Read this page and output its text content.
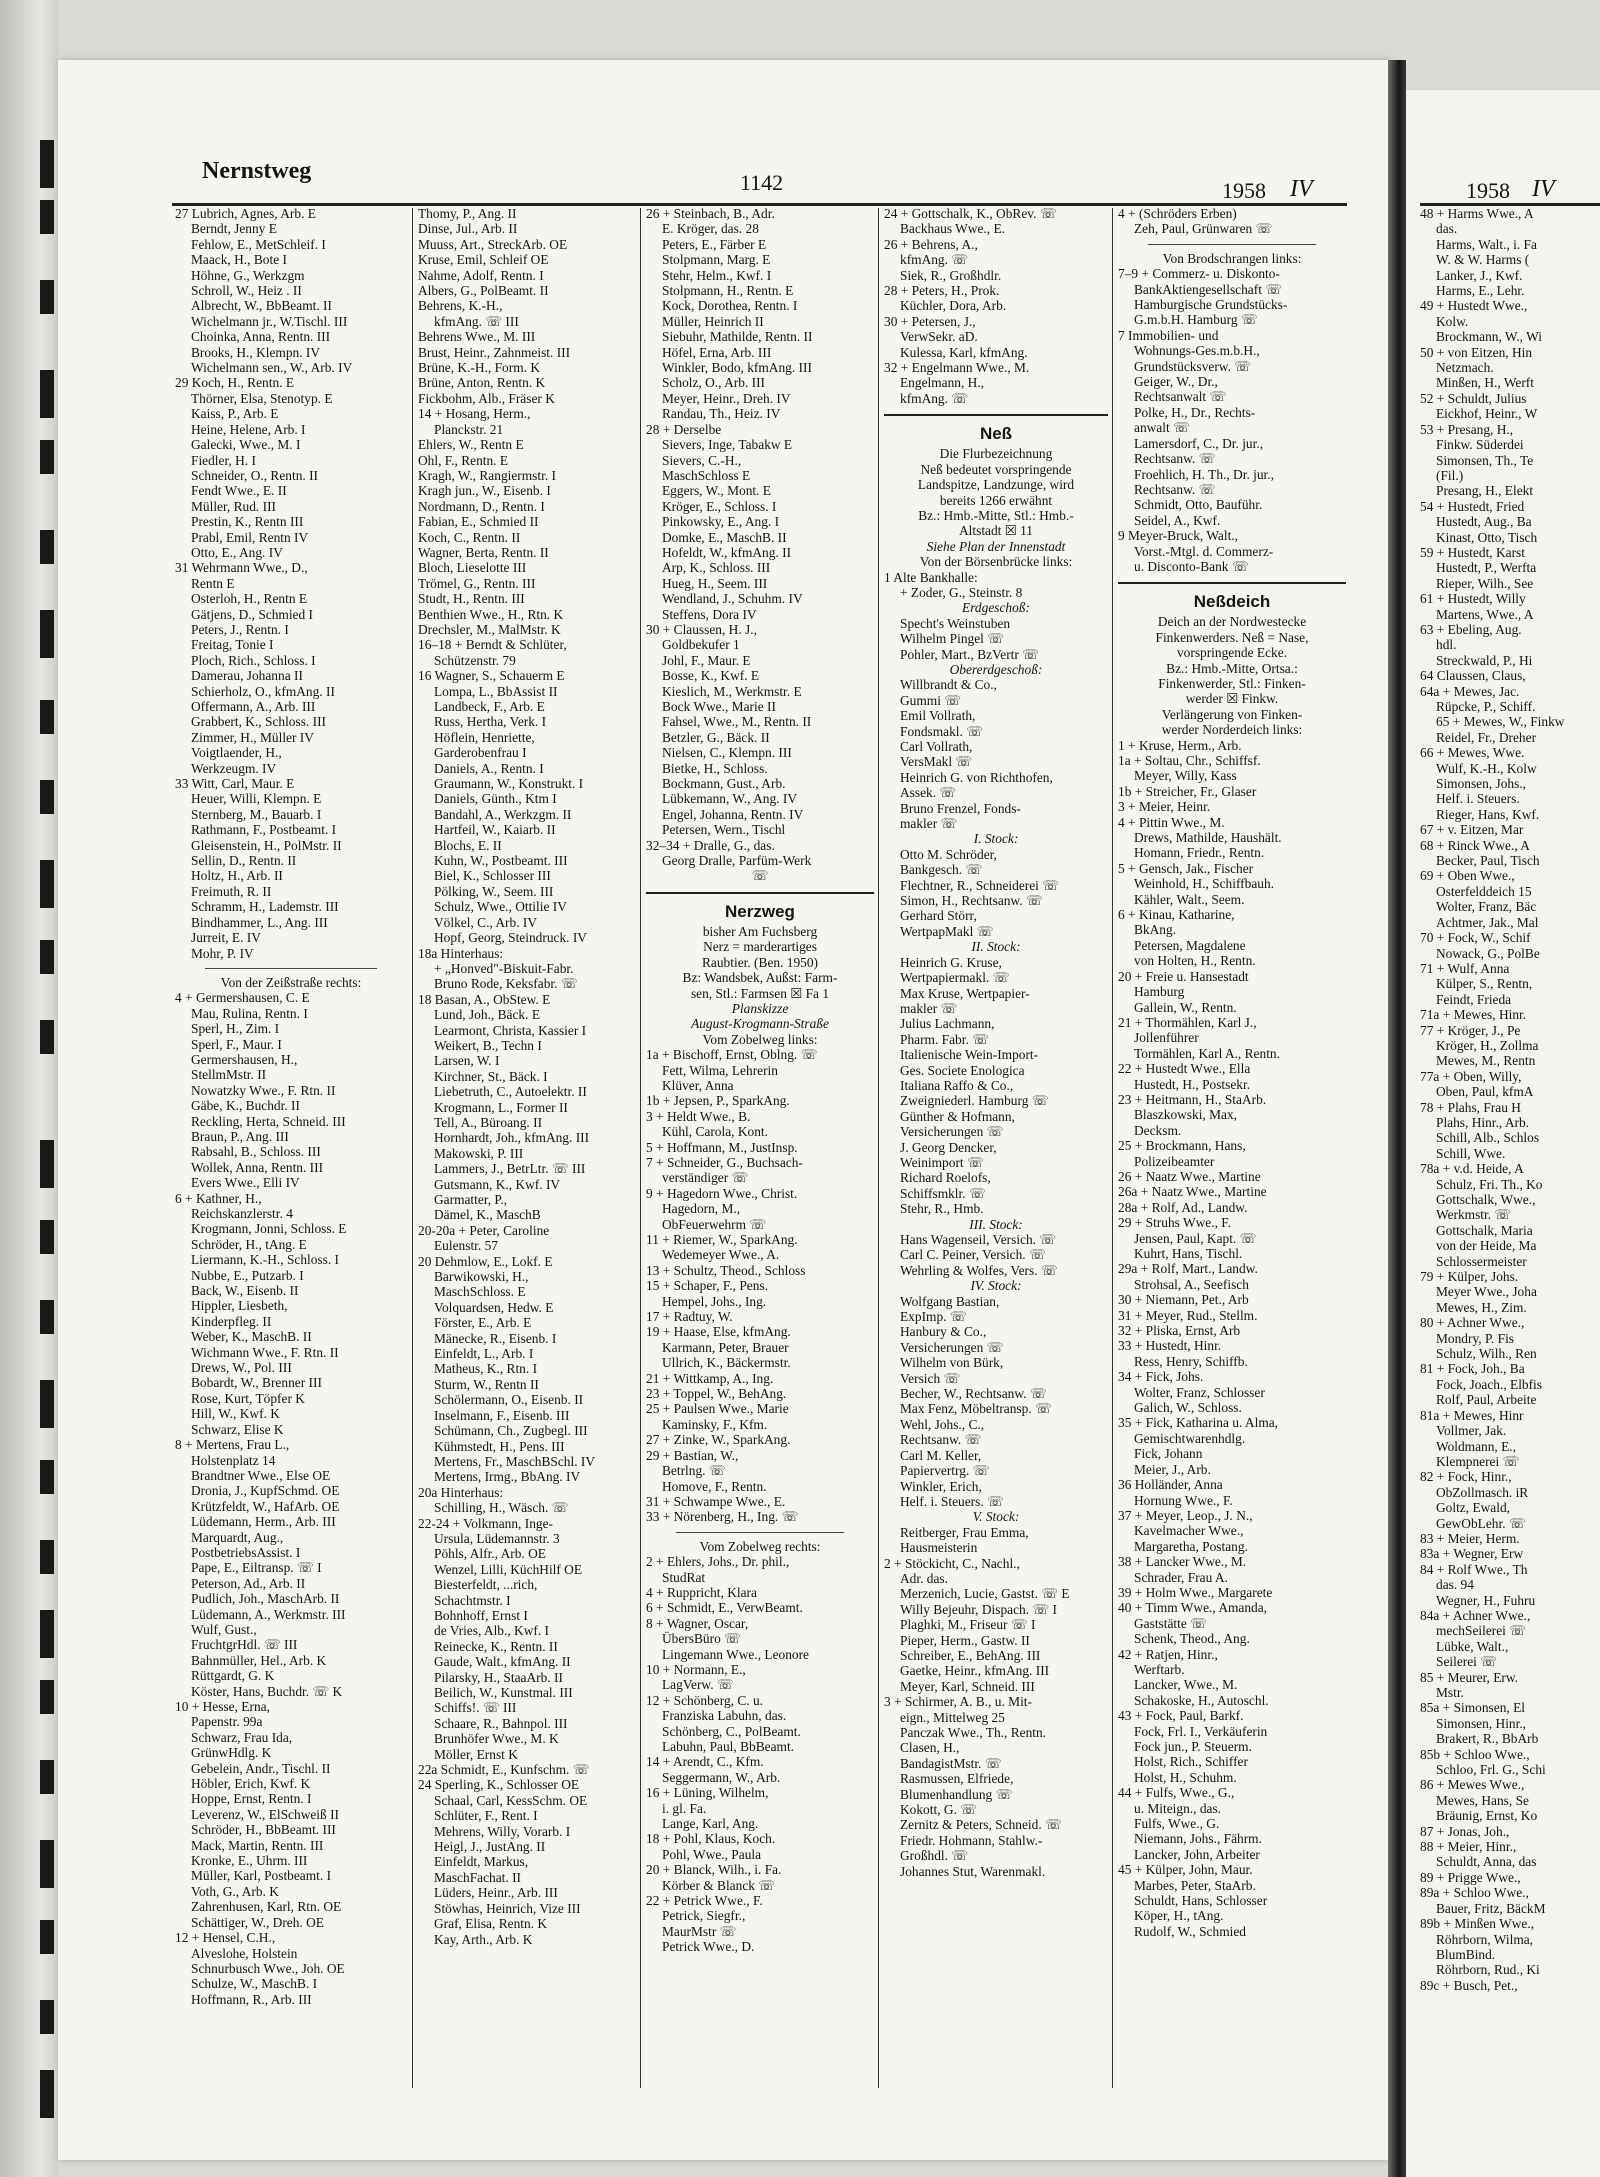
Nernstweg	1142	1958 IV	1958 IV
27 Lubrich, Agnes, Arb. E
Berndt, Jenny E
Fehlow, E., MetSchleif. I
Maack, H., Bote I
Höhne, G., Werkzgm
Schroll, W., Heiz . II
Albrecht, W., BbBeamt. II
Wichelmann jr., W.Tischl. III
Choinka, Anna, Rentn. III
Brooks, H., Klempn. IV
Wichelmann sen., W., Arb. IV
29 Koch, H., Rentn. E
Thörner, Elsa, Stenotyp. E
Kaiss, P., Arb. E
Heine, Helene, Arb. I
Galecki, Wwe., M. I
Fiedler, H. I
Schneider, O., Rentn. II
Fendt Wwe., E. II
Müller, Rud. III
Prestin, K., Rentn III
Prabl, Emil, Rentn IV
Otto, E., Ang. IV
31 Wehrmann Wwe., D.,
Rentn E
Osterloh, H., Rentn E
Gätjens, D., Schmied I
Peters, J., Rentn. I
Freitag, Tonie I
Ploch, Rich., Schloss. I
Damerau, Johanna II
Schierholz, O., kfmAng. II
Offermann, A., Arb. III
Grabbert, K., Schloss. III
Zimmer, H., Müller IV
Voigtlaender, H.,
Werkzeugm. IV
33 Witt, Carl, Maur. E
Heuer, Willi, Klempn. E
Sternberg, M., Bauarb. I
Rathmann, F., Postbeamt. I
Gleisenstein, H., PolMstr. II
Sellin, D., Rentn. II
Holtz, H., Arb. II
Freimuth, R. II
Schramm, H., Lademstr. III
Bindhammer, L., Ang. III
Jurreit, E. IV
Mohr, P. IV
Von der Zeißstraße rechts:
4 + Germershausen, C. E
Mau, Rulina, Rentn. I
Sperl, H., Zim. I
Sperl, F., Maur. I
Germershausen, H.,
StellmMstr. II
Nowatzky Wwe., F. Rtn. II
Gäbe, K., Buchdr. II
Reckling, Herta, Schneid. III
Braun, P., Ang. III
Rabsahl, B., Schloss. III
Wollek, Anna, Rentn. III
Evers Wwe., Elli IV
6 + Kathner, H.,
Reichskanzlerstr. 4
Krogmann, Jonni, Schloss. E
Schröder, H., tAng. E
Liermann, K.-H., Schloss. I
Nubbe, E., Putzarb. I
Back, W., Eisenb. II
Hippler, Liesbeth,
Kinderpfleg. II
Weber, K., MaschB. II
Wichmann Wwe., F. Rtn. II
Drews, W., Pol. III
Bobardt, W., Brenner III
Rose, Kurt, Töpfer K
Hill, W., Kwf. K
Schwarz, Elise K
8 + Mertens, Frau L.,
Holstenplatz 14
Brandtner Wwe., Else OE
Dronia, J., KupfSchmd. OE
Krützfeldt, W., HafArb. OE
Lüdemann, Herm., Arb. III
Marquardt, Aug.,
PostbetriebsAssist. I
Pape, E., Eiltransp. ☏ I
Peterson, Ad., Arb. II
Pudlich, Joh., MaschArb. II
Lüdemann, A., Werkmstr. III
Wulf, Gust.,
FruchtgrHdl. ☏ III
Bahnmüller, Hel., Arb. K
Rüttgardt, G. K
Köster, Hans, Buchdr. ☏ K
10 + Hesse, Erna,
Papenstr. 99a
Schwarz, Frau Ida,
GrünwHdlg. K
Gebelein, Andr., Tischl. II
Höbler, Erich, Kwf. K
Hoppe, Ernst, Rentn. I
Leverenz, W., ElSchweiß II
Schröder, H., BbBeamt. III
Mack, Martin, Rentn. III
Kronke, E., Uhrm. III
Müller, Karl, Postbeamt. I
Voth, G., Arb. K
Zahrenhusen, Karl, Rtn. OE
Schättiger, W., Dreh. OE
12 + Hensel, C.H.,
Alveslohe, Holstein
Schnurbusch Wwe., Joh. OE
Schulze, W., MaschB. I
Hoffmann, R., Arb. III
Thomy, P., Ang. II
Dinse, Jul., Arb. II
Muuss, Art., StreckArb. OE
Kruse, Emil, Schleif OE
Nahme, Adolf, Rentn. I
Albers, G., PolBeamt. II
Behrens, K.-H.,
kfmAng. ☏ III
Behrens Wwe., M. III
Brust, Heinr., Zahnmeist. III
Brüne, K.-H., Form. K
Brüne, Anton, Rentn. K
Fickbohm, Alb., Fräser K
14 + Hosang, Herm.,
Planckstr. 21
Ehlers, W., Rentn E
Ohl, F., Rentn. E
Kragh, W., Rangiermstr. I
Kragh jun., W., Eisenb. I
Nordmann, D., Rentn. I
Fabian, E., Schmied II
Koch, C., Rentn. II
Wagner, Berta, Rentn. II
Bloch, Lieselotte III
Trömel, G., Rentn. III
Studt, H., Rentn. III
Benthien Wwe., H., Rtn. K
Drechsler, M., MalMstr. K
16–18 + Berndt & Schlüter,
Schützenstr. 79
16 Wagner, S., Schauerm E
Lompa, L., BbAssist II
Landbeck, F., Arb. E
Russ, Hertha, Verk. I
Höflein, Henriette,
Garderobenfrau I
Daniels, A., Rentn. I
Graumann, W., Konstrukt. I
Daniels, Günth., Ktm I
Bandahl, A., Werkzgm. II
Hartfeil, W., Kaiarb. II
Blochs, E. II
Kuhn, W., Postbeamt. III
Biel, K., Schlosser III
Pölking, W., Seem. III
Schulz, Wwe., Ottilie IV
Völkel, C., Arb. IV
Hopf, Georg, Steindruck. IV
18a Hinterhaus:
+ „Honved"-Biskuit-Fabr.
Bruno Rode, Keksfabr. ☏
18 Basan, A., ObStew. E
Lund, Joh., Bäck. E
Learmont, Christa, Kassier I
Weikert, B., Techn I
Larsen, W. I
Kirchner, St., Bäck. I
Liebetruth, C., Autoelektr. II
Krogmann, L., Former II
Tell, A., Büroang. II
Hornhardt, Joh., kfmAng. III
Makowski, P. III
Lammers, J., BetrLtr. ☏ III
Gutsmann, K., Kwf. IV
Garmatter, P.,
Dämel, K., MaschB
20-20a + Peter, Caroline
Eulenstr. 57
20 Dehmlow, E., Lokf. E
Barwikowski, H.,
MaschSchloss. E
Volquardsen, Hedw. E
Förster, E., Arb. E
Mänecke, R., Eisenb. I
Einfeldt, L., Arb. I
Matheus, K., Rtn. I
Sturm, W., Rentn II
Schölermann, O., Eisenb. II
Inselmann, F., Eisenb. III
Schümann, Ch., Zugbegl. III
Kühmstedt, H., Pens. III
Mertens, Fr., MaschBSchl. IV
Mertens, Irmg., BbAng. IV
20a Hinterhaus:
Schilling, H., Wäsch. ☏
22-24 + Volkmann, Inge-
Ursula, Lüdemannstr. 3
Pöhls, Alfr., Arb. OE
Wenzel, Lilli, KüchHilf OE
Biesterfeldt, ...rich,
Schachtmstr. I
Bohnhoff, Ernst I
de Vries, Alb., Kwf. I
Reinecke, K., Rentn. II
Gaude, Walt., kfmAng. II
Pilarsky, H., StaaArb. II
Beilich, W., Kunstmal. III
Schiffs!. ☏ III
Schaare, R., Bahnpol. III
Brunhöfer Wwe., M. K
Möller, Ernst K
22a Schmidt, E., Kunfschm. ☏
24 Sperling, K., Schlosser OE
Schaal, Carl, KessSchm. OE
Schlüter, F., Rent. I
Mehrens, Willy, Vorarb. I
Heigl, J., JustAng. II
Einfeldt, Markus,
MaschFachat. II
Lüders, Heinr., Arb. III
Stöwhas, Heinrich, Vize III
Graf, Elisa, Rentn. K
Kay, Arth., Arb. K
26 + Steinbach, B., Adr.
E. Kröger, das. 28
Peters, E., Färber E
Stolpmann, Marg. E
Stehr, Helm., Kwf. I
Stolpmann, H., Rentn. E
Kock, Dorothea, Rentn. I
Müller, Heinrich II
Siebuhr, Mathilde, Rentn. II
Höfel, Erna, Arb. III
Winkler, Bodo, kfmAng. III
Scholz, O., Arb. III
Meyer, Heinr., Dreh. IV
Randau, Th., Heiz. IV
28 + Derselbe
Sievers, Inge, Tabakw E
Sievers, C.-H.,
MaschSchloss E
Eggers, W., Mont. E
Kröger, E., Schloss. I
Pinkowsky, E., Ang. I
Domke, E., MaschB. II
Hofeldt, W., kfmAng. II
Arp, K., Schloss. III
Hueg, H., Seem. III
Wendland, J., Schuhm. IV
Steffens, Dora IV
30 + Claussen, H. J.,
Goldbekufer 1
Johl, F., Maur. E
Bosse, K., Kwf. E
Kieslich, M., Werkmstr. E
Bock Wwe., Marie II
Fahsel, Wwe., M., Rentn. II
Betzler, G., Bäck. II
Nielsen, C., Klempn. III
Bietke, H., Schloss.
Bockmann, Gust., Arb.
Lübkemann, W., Ang. IV
Engel, Johanna, Rentn. IV
Petersen, Wern., Tischl
32–34 + Dralle, G., das.
Georg Dralle, Parfüm-Werk
☏
Nerzweg
bisher Am Fuchsberg
Nerz = marderartiges
Raubtier. (Ben. 1950)
Bz: Wandsbek, Außst: Farm-
sen, Stl.: Farmsen ☒ Fa 1
Planskizze
August-Krogmann-Straße
Vom Zobelweg links:
1a + Bischoff, Ernst, Oblng. ☏
Fett, Wilma, Lehrerin
Klüver, Anna
1b + Jepsen, P., SparkAng.
3 + Heldt Wwe., B.
Kühl, Carola, Kont.
5 + Hoffmann, M., JustInsp.
7 + Schneider, G., Buchsach-
verständiger ☏
9 + Hagedorn Wwe., Christ.
Hagedorn, M.,
ObFeuerwehrm ☏
11 + Riemer, W., SparkAng.
Wedemeyer Wwe., A.
13 + Schultz, Theod., Schloss
15 + Schaper, F., Pens.
Hempel, Johs., Ing.
17 + Radtuy, W.
19 + Haase, Else, kfmAng.
Karmann, Peter, Brauer
Ullrich, K., Bäckermstr.
21 + Wittkamp, A., Ing.
23 + Toppel, W., BehAng.
25 + Paulsen Wwe., Marie
Kaminsky, F., Kfm.
27 + Zinke, W., SparkAng.
29 + Bastian, W.,
Betrlng. ☏
Homove, F., Rentn.
31 + Schwampe Wwe., E.
33 + Nörenberg, H., Ing. ☏
Vom Zobelweg rechts:
2 + Ehlers, Johs., Dr. phil.,
StudRat
4 + Ruppricht, Klara
6 + Schmidt, E., VerwBeamt.
8 + Wagner, Oscar,
ÜbersBüro ☏
Lingemann Wwe., Leonore
10 + Normann, E.,
LagVerw. ☏
12 + Schönberg, C. u.
Franziska Labuhn, das.
Schönberg, C., PolBeamt.
Labuhn, Paul, BbBeamt.
14 + Arendt, C., Kfm.
Seggermann, W., Arb.
16 + Lüning, Wilhelm,
i. gl. Fa.
Lange, Karl, Ang.
18 + Pohl, Klaus, Koch.
Pohl, Wwe., Paula
20 + Blanck, Wilh., i. Fa.
Körber & Blanck ☏
22 + Petrick Wwe., F.
Petrick, Siegfr.,
MaurMstr ☏
Petrick Wwe., D.
24 + Gottschalk, K., ObRev. ☏
Backhaus Wwe., E.
26 + Behrens, A.,
kfmAng. ☏
Siek, R., Großhdlr.
28 + Peters, H., Prok.
Küchler, Dora, Arb.
30 + Petersen, J.,
VerwSekr. aD.
Kulessa, Karl, kfmAng.
32 + Engelmann Wwe., M.
Engelmann, H.,
kfmAng. ☏
Neß
Die Flurbezeichnung
Neß bedeutet vorspringende
Landspitze, Landzunge, wird
bereits 1266 erwähnt
Bz.: Hmb.-Mitte, Stl.: Hmb.-
Altstadt ☒ 11
Siehe Plan der Innenstadt
Von der Börsenbrücke links:
1 Alte Bankhalle:
+ Zoder, G., Steinstr. 8
Erdgeschoß:
Specht's Weinstuben
Wilhelm Pingel ☏
Pohler, Mart., BzVertr ☏
Obererdgeschoß:
Willbrandt & Co.,
Gummi ☏
Emil Vollrath,
Fondsmakl. ☏
Carl Vollrath,
VersMakl ☏
Heinrich G. von Richthofen,
Assek. ☏
Bruno Frenzel, Fonds-
makler ☏
I. Stock:
Otto M. Schröder,
Bankgesch. ☏
Flechtner, R., Schneiderei ☏
Simon, H., Rechtsanw. ☏
Gerhard Störr,
WertpapMakl ☏
II. Stock:
Heinrich G. Kruse,
Wertpapiermakl. ☏
Max Kruse, Wertpapier-
makler ☏
Julius Lachmann,
Pharm. Fabr. ☏
Italienische Wein-Import-
Ges. Societe Enologica
Italiana Raffo & Co.,
Zweigniederl. Hamburg ☏
Günther & Hofmann,
Versicherungen ☏
J. Georg Dencker,
Weinimport ☏
Richard Roelofs,
Schiffsmklr. ☏
Stehr, R., Hmb.
III. Stock:
Hans Wagenseil, Versich. ☏
Carl C. Peiner, Versich. ☏
Wehrling & Wolfes, Vers. ☏
IV. Stock:
Wolfgang Bastian,
ExpImp. ☏
Hanbury & Co.,
Versicherungen ☏
Wilhelm von Bürk,
Versich ☏
Becher, W., Rechtsanw. ☏
Max Fenz, Möbeltransp. ☏
Wehl, Johs., C.,
Rechtsanw. ☏
Carl M. Keller,
Papiervertrg. ☏
Winkler, Erich,
Helf. i. Steuers. ☏
V. Stock:
Reitberger, Frau Emma,
Hausmeisterin
2 + Stöckicht, C., Nachl.,
Adr. das.
Merzenich, Lucie, Gastst. ☏ E
Willy Bejeuhr, Dispach. ☏ I
Plaghki, M., Friseur ☏ I
Pieper, Herm., Gastw. II
Schreiber, E., BehAng. III
Gaetke, Heinr., kfmAng. III
Meyer, Karl, Schneid. III
3 + Schirmer, A. B., u. Mit-
eign., Mittelweg 25
Panczak Wwe., Th., Rentn.
Clasen, H.,
BandagistMstr. ☏
Rasmussen, Elfriede,
Blumenhandlung ☏
Kokott, G. ☏
Zernitz & Peters, Schneid. ☏
Friedr. Hohmann, Stahlw.-
Großhdl. ☏
Johannes Stut, Warenmakl.
4 + (Schröders Erben)
Zeh, Paul, Grünwaren ☏
Von Brodschrangen links:
7–9 + Commerz- u. Diskonto-
BankAktiengesellschaft ☏
Hamburgische Grundstücks-
G.m.b.H. Hamburg ☏
7 Immobilien- und
Wohnungs-Ges.m.b.H.,
Grundstücksverw. ☏
Geiger, W., Dr.,
Rechtsanwalt ☏
Polke, H., Dr., Rechts-
anwalt ☏
Lamersdorf, C., Dr. jur.,
Rechtsanw. ☏
Froehlich, H. Th., Dr. jur.,
Rechtsanw. ☏
Schmidt, Otto, Bauführ.
Seidel, A., Kwf.
9 Meyer-Bruck, Walt.,
Vorst.-Mtgl. d. Commerz-
u. Disconto-Bank ☏
Neßdeich
Deich an der Nordwestecke
Finkenwerders. Neß = Nase,
vorspringende Ecke.
Bz.: Hmb.-Mitte, Ortsa.:
Finkenwerder, Stl.: Finken-
werder ☒ Finkw.
Verlängerung von Finken-
werder Norderdeich links:
1 + Kruse, Herm., Arb.
1a + Soltau, Chr., Schiffsf.
Meyer, Willy, Kass
1b + Streicher, Fr., Glaser
3 + Meier, Heinr.
4 + Pittin Wwe., M.
Drews, Mathilde, Haushält.
Homann, Friedr., Rentn.
5 + Gensch, Jak., Fischer
Weinhold, H., Schiffbauh.
Kähler, Walt., Seem.
6 + Kinau, Katharine,
BkAng.
Petersen, Magdalene
von Holten, H., Rentn.
20 + Freie u. Hansestadt
Hamburg
Gallein, W., Rentn.
21 + Thormählen, Karl J.,
Jollenführer
Tormählen, Karl A., Rentn.
22 + Hustedt Wwe., Ella
Hustedt, H., Postsekr.
23 + Heitmann, H., StaArb.
Blaszkowski, Max,
Decksm.
25 + Brockmann, Hans,
Polizeibeamter
26 + Naatz Wwe., Martine
26a + Naatz Wwe., Martine
28a + Rolf, Ad., Landw.
29 + Struhs Wwe., F.
Jensen, Paul, Kapt. ☏
Kuhrt, Hans, Tischl.
29a + Rolf, Mart., Landw.
Strohsal, A., Seefisch
30 + Niemann, Pet., Arb
31 + Meyer, Rud., Stellm.
32 + Pliska, Ernst, Arb
33 + Hustedt, Hinr.
Ress, Henry, Schiffb.
34 + Fick, Johs.
Wolter, Franz, Schlosser
Galich, W., Schloss.
35 + Fick, Katharina u. Alma,
Gemischtwarenhdlg.
Fick, Johann
Meier, J., Arb.
36 Holländer, Anna
Hornung Wwe., F.
37 + Meyer, Leop., J. N.,
Kavelmacher Wwe.,
Margaretha, Postang.
38 + Lancker Wwe., M.
Schrader, Frau A.
39 + Holm Wwe., Margarete
40 + Timm Wwe., Amanda,
Gaststätte ☏
Schenk, Theod., Ang.
42 + Ratjen, Hinr.,
Werftarb.
Lancker, Wwe., M.
Schakoske, H., Autoschl.
43 + Fock, Paul, Barkf.
Fock, Frl. I., Verkäuferin
Fock jun., P. Steuerm.
Holst, Rich., Schiffer
Holst, H., Schuhm.
44 + Fulfs, Wwe., G.,
u. Miteign., das.
Fulfs, Wwe., G.
Niemann, Johs., Fährm.
Lancker, John, Arbeiter
45 + Külper, John, Maur.
Marbes, Peter, StaArb.
Schuldt, Hans, Schlosser
Köper, H., tAng.
Rudolf, W., Schmied
48 + Harms Wwe., A
das.
Harms, Walt., i. Fa
W. & W. Harms (
Lanker, J., Kwf.
Harms, E., Lehr.
49 + Hustedt Wwe.,
Kolw.
Brockmann, W., Wi
50 + von Eitzen, Hin
Netzmach.
Minßen, H., Werft
52 + Schuldt, Julius
Eickhof, Heinr., W
53 + Presang, H.,
Finkw. Süderdei
Simonsen, Th., Te
(Fil.)
Presang, H., Elekt
54 + Hustedt, Fried
Hustedt, Aug., Ba
Kinast, Otto, Tisch
59 + Hustedt, Karst
Hustedt, P., Werfta
Rieper, Wilh., See
61 + Hustedt, Willy
Martens, Wwe., A
63 + Ebeling, Aug.
hdl.
Streckwald, P., Hi
64 Claussen, Claus,
64a + Mewes, Jac.
Rüpcke, P., Schiff.
65 + Mewes, W., Finkw
Reidel, Fr., Dreher
66 + Mewes, Wwe.
Wulf, K.-H., Kolw
Simonsen, Johs.,
Helf. i. Steuers.
Rieger, Hans, Kwf.
67 + v. Eitzen, Mar
68 + Rinck Wwe., A
Becker, Paul, Tisch
69 + Oben Wwe.,
Osterfelddeich 15
Wolter, Franz, Bäc
Achtmer, Jak., Mal
70 + Fock, W., Schif
Nowack, G., PolBe
71 + Wulf, Anna
Külper, S., Rentn,
Feindt, Frieda
71a + Mewes, Hinr.
77 + Kröger, J., Pe
Kröger, H., Zollma
Mewes, M., Rentn
77a + Oben, Willy,
Oben, Paul, kfmA
78 + Plahs, Frau H
Plahs, Hinr., Arb.
Schill, Alb., Schlos
Schill, Wwe.
78a + v.d. Heide, A
Schulz, Fri. Th., Ko
Gottschalk, Wwe.,
Werkmstr. ☏
Gottschalk, Maria
von der Heide, Ma
Schlossermeister
79 + Külper, Johs.
Meyer Wwe., Joha
Mewes, H., Zim.
80 + Achner Wwe.,
Mondry, P. Fis
Schulz, Wilh., Ren
81 + Fock, Joh., Ba
Fock, Joach., Elbfis
Rolf, Paul, Arbeite
81a + Mewes, Hinr
Vollmer, Jak.
Woldmann, E.,
Klempnerei ☏
82 + Fock, Hinr.,
ObZollmasch. iR
Goltz, Ewald,
GewObLehr. ☏
83 + Meier, Herm.
83a + Wegner, Erw
84 + Rolf Wwe., Th
das. 94
Wegner, H., Fuhru
84a + Achner Wwe.,
mechSeilerei ☏
Lübke, Walt.,
Seilerei ☏
85 + Meurer, Erw.
Mstr.
85a + Simonsen, El
Simonsen, Hinr.,
Brakert, R., BbArb
85b + Schloo Wwe.,
Schloo, Frl. G., Schi
86 + Mewes Wwe.,
Mewes, Hans, Se
Bräunig, Ernst, Ko
87 + Jonas, Joh.,
88 + Meier, Hinr.,
Schuldt, Anna, das
89 + Prigge Wwe.,
89a + Schloo Wwe.,
Bauer, Fritz, BäckM
89b + Minßen Wwe.,
Röhrborn, Wilma,
BlumBind.
Röhrborn, Rud., Ki
89c + Busch, Pet.,
